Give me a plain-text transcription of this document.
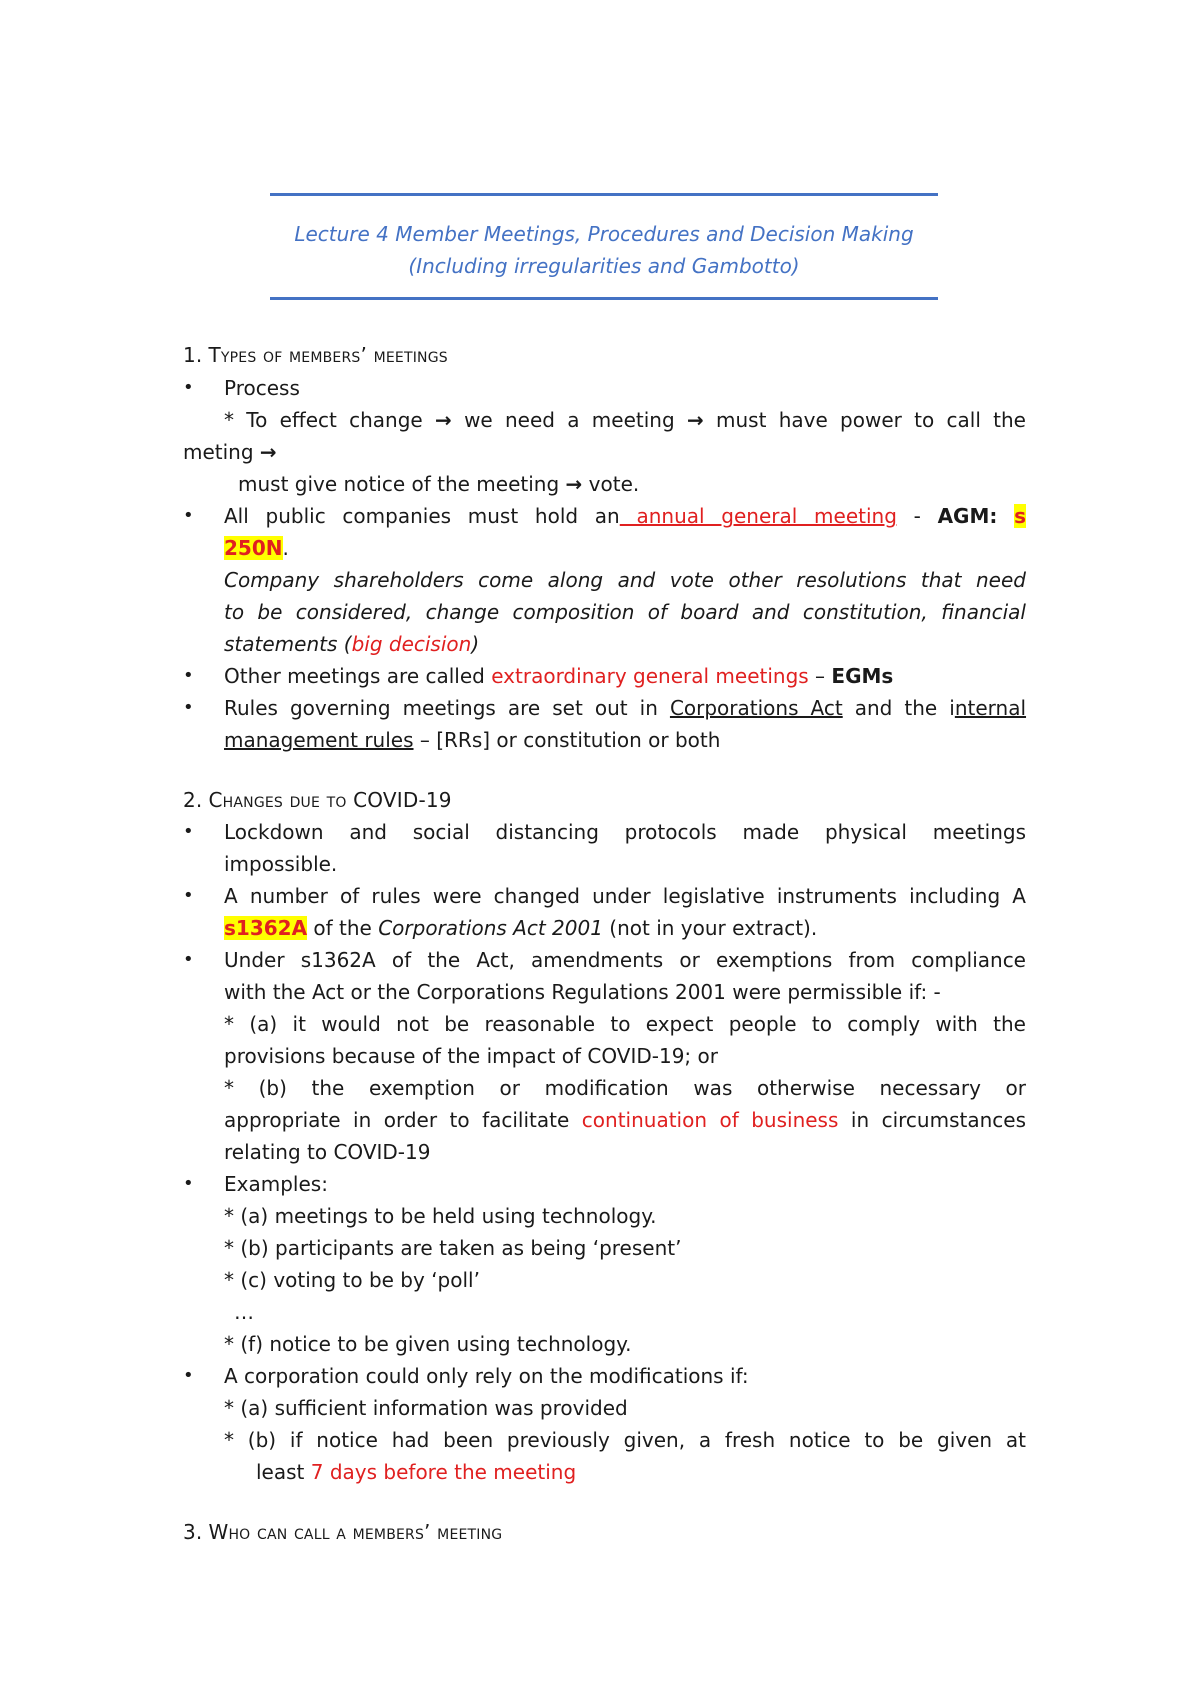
Lecture 4 Member Meetings, Procedures and Decision Making
(Including irregularities and Gambotto)
1. Types of members’ meetings
• Process
* To effect change → we need a meeting → must have power to call the
meting →
must give notice of the meeting → vote.
• All public companies must hold an annual general meeting - AGM: s
250N.
Company shareholders come along and vote other resolutions that need
to be considered, change composition of board and constitution, financial
statements (big decision)
• Other meetings are called extraordinary general meetings – EGMs
• Rules governing meetings are set out in Corporations Act and the internal
management rules – [RRs] or constitution or both
2. Changes due to COVID-19
• Lockdown and social distancing protocols made physical meetings
impossible.
• A number of rules were changed under legislative instruments including A
s1362A of the Corporations Act 2001 (not in your extract).
• Under s1362A of the Act, amendments or exemptions from compliance
with the Act or the Corporations Regulations 2001 were permissible if: -
* (a) it would not be reasonable to expect people to comply with the
provisions because of the impact of COVID-19; or
* (b) the exemption or modification was otherwise necessary or
appropriate in order to facilitate continuation of business in circumstances
relating to COVID-19
• Examples:
* (a) meetings to be held using technology.
* (b) participants are taken as being ‘present’
* (c) voting to be by ‘poll’
…
* (f) notice to be given using technology.
• A corporation could only rely on the modifications if:
* (a) sufficient information was provided
* (b) if notice had been previously given, a fresh notice to be given at
least 7 days before the meeting
3. Who can call a members’ meeting
